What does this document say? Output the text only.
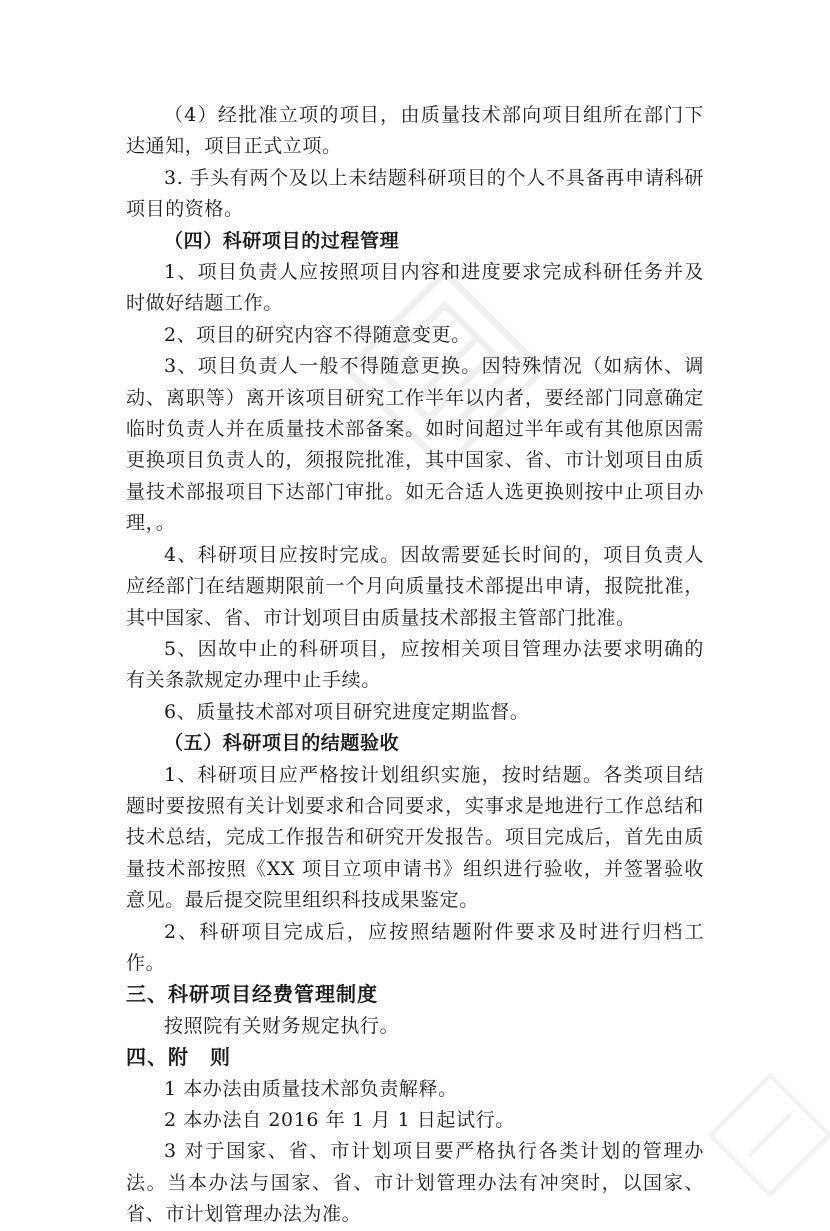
（4）经批准立项的项目，由质量技术部向项目组所在部门下达通知，项目正式立项。

3. 手头有两个及以上未结题科研项目的个人不具备再申请科研项目的资格。

（四）科研项目的过程管理

1、项目负责人应按照项目内容和进度要求完成科研任务并及时做好结题工作。

2、项目的研究内容不得随意变更。

3、项目负责人一般不得随意更换。因特殊情况（如病休、调动、离职等）离开该项目研究工作半年以内者，要经部门同意确定临时负责人并在质量技术部备案。如时间超过半年或有其他原因需更换项目负责人的，须报院批准，其中国家、省、市计划项目由质量技术部报项目下达部门审批。如无合适人选更换则按中止项目办理，。

4、科研项目应按时完成。因故需要延长时间的，项目负责人应经部门在结题期限前一个月向质量技术部提出申请，报院批准，其中国家、省、市计划项目由质量技术部报主管部门批准。

5、因故中止的科研项目，应按相关项目管理办法要求明确的有关条款规定办理中止手续。

6、质量技术部对项目研究进度定期监督。

（五）科研项目的结题验收

1、科研项目应严格按计划组织实施，按时结题。各类项目结题时要按照有关计划要求和合同要求，实事求是地进行工作总结和技术总结，完成工作报告和研究开发报告。项目完成后，首先由质量技术部按照《XX 项目立项申请书》组织进行验收，并签署验收意见。最后提交院里组织科技成果鉴定。

2、科研项目完成后，应按照结题附件要求及时进行归档工作。

三、科研项目经费管理制度

按照院有关财务规定执行。

四、附　则

1 本办法由质量技术部负责解释。

2 本办法自 2016 年 1 月 1 日起试行。

3 对于国家、省、市计划项目要严格执行各类计划的管理办法。当本办法与国家、省、市计划管理办法有冲突时，以国家、省、市计划管理办法为准。
